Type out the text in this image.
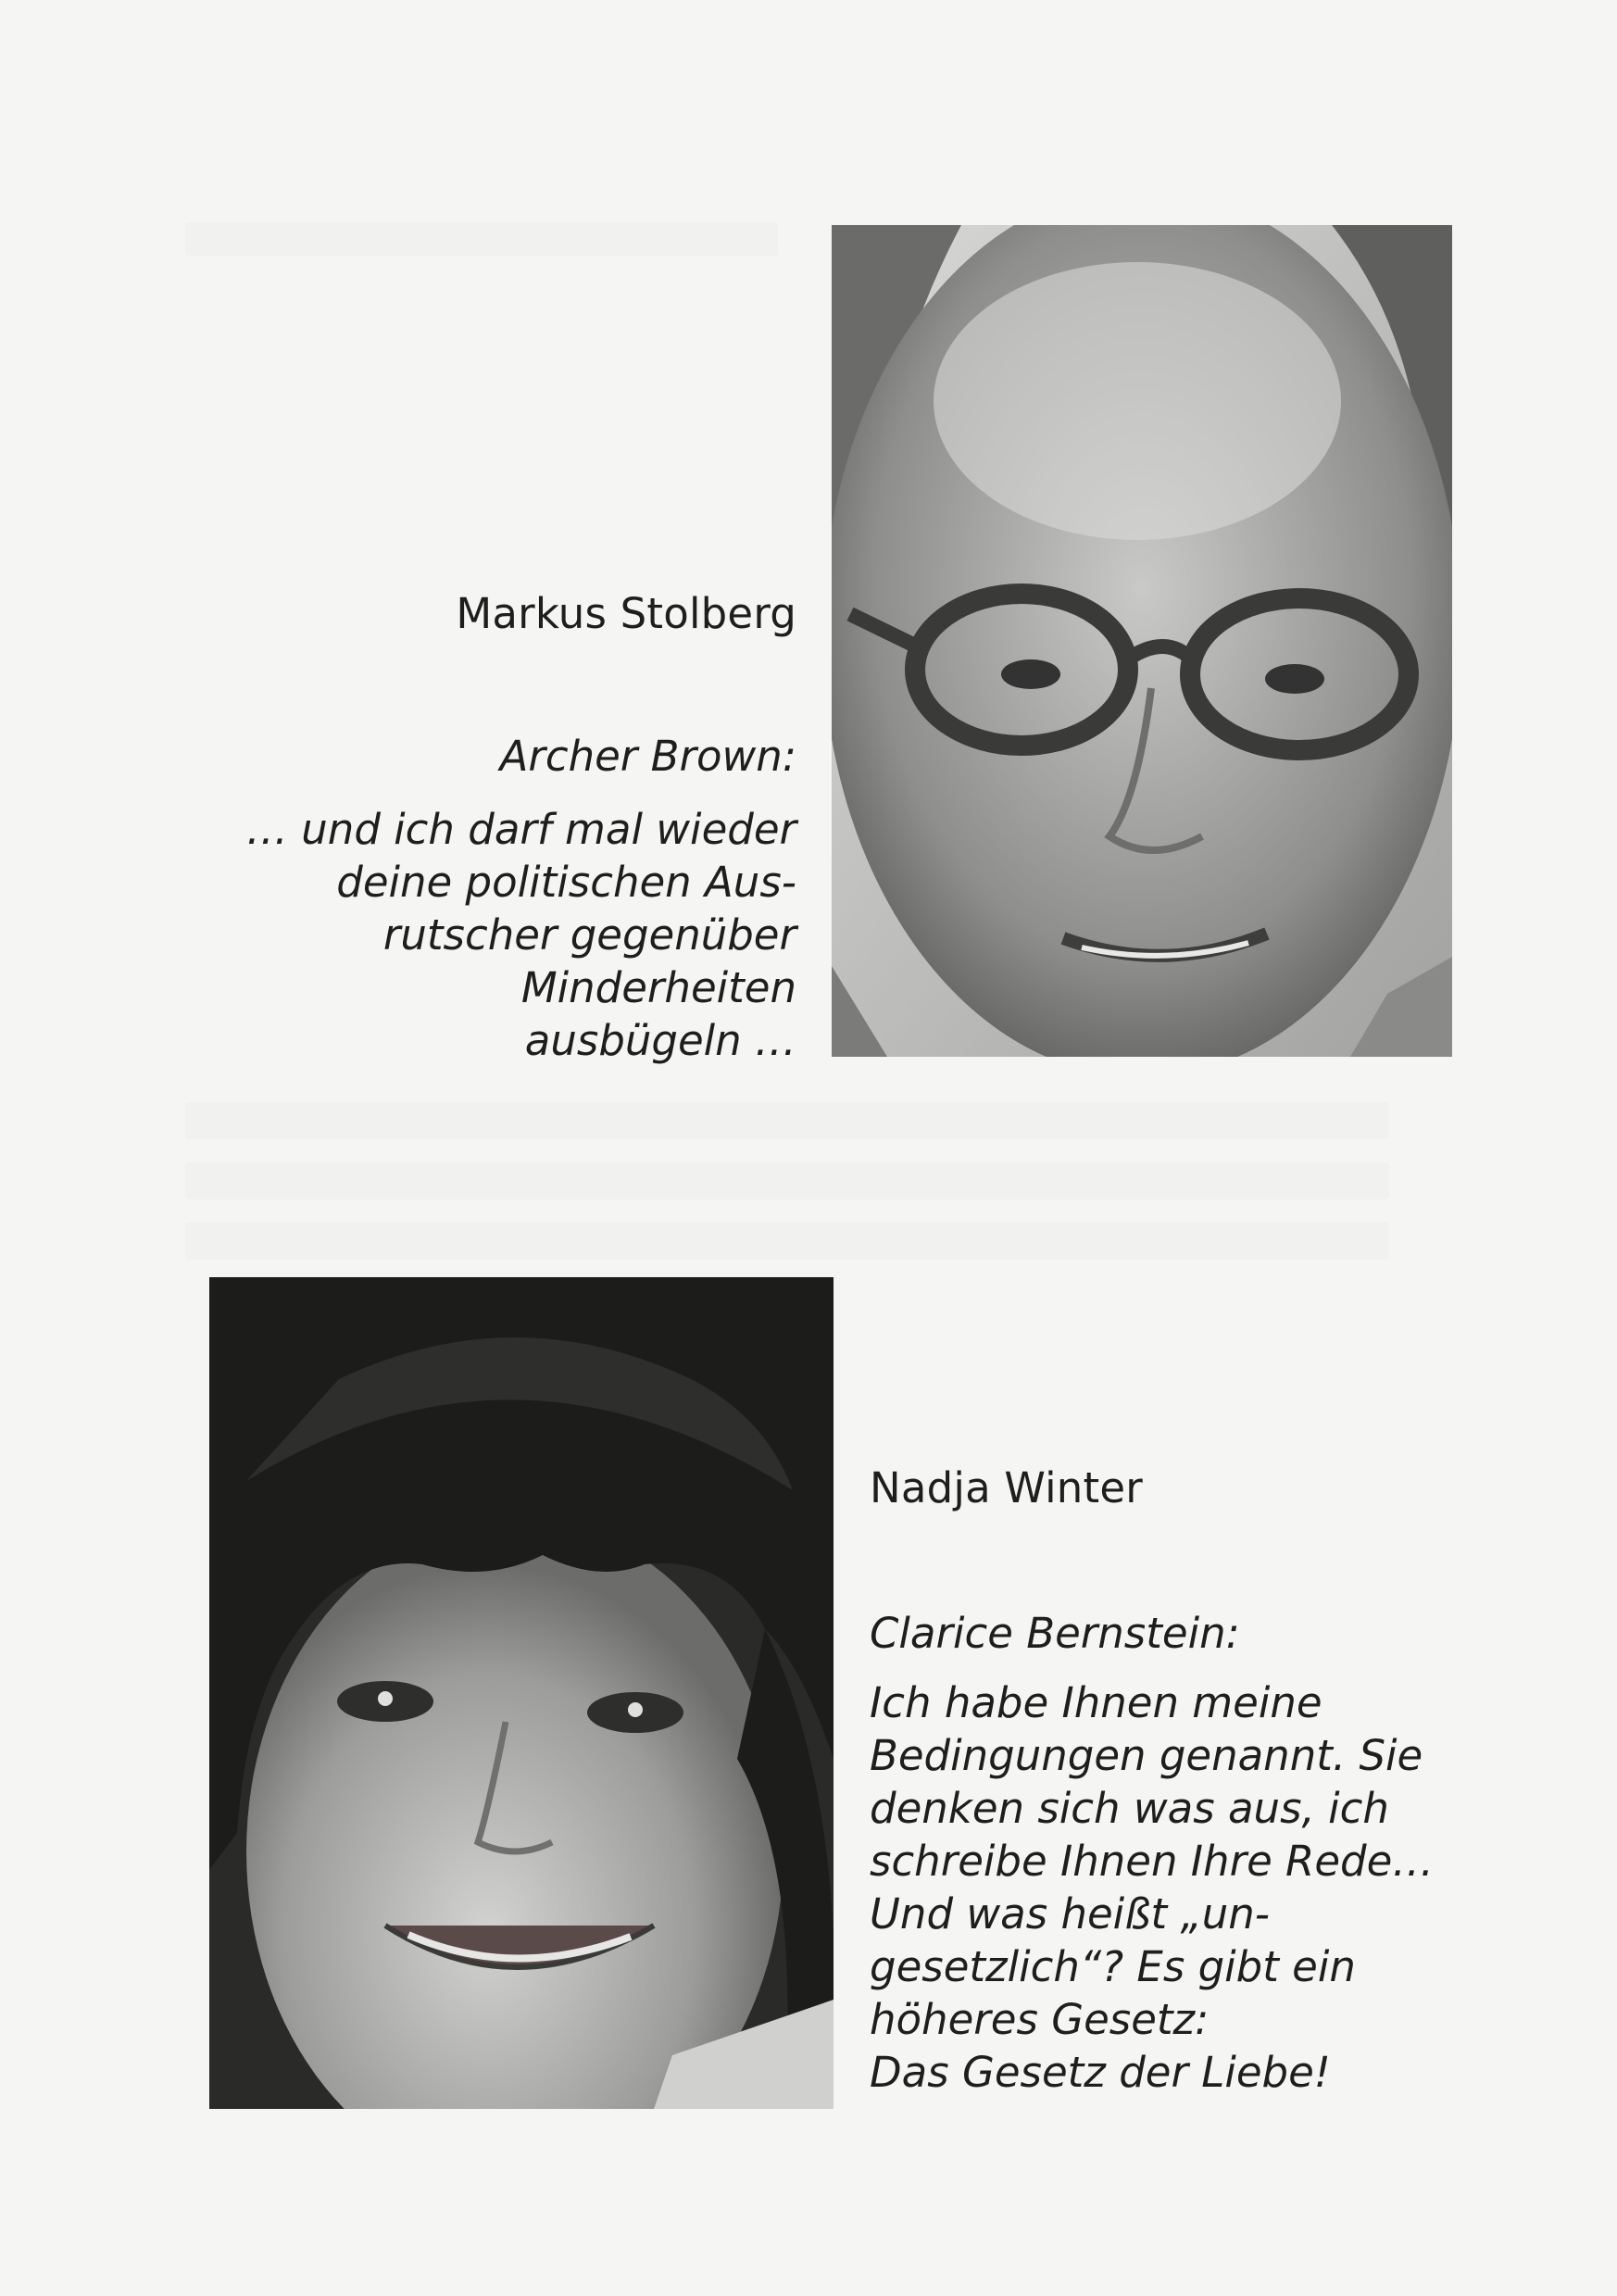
Markus Stolberg
Archer Brown:
… und ich darf mal wieder
deine politischen Aus-
rutscher gegenüber
Minderheiten
ausbügeln …
Nadja Winter
Clarice Bernstein:
Ich habe Ihnen meine
Bedingungen genannt. Sie
denken sich was aus, ich
schreibe Ihnen Ihre Rede…
Und was heißt „un-
gesetzlich“? Es gibt ein
höheres Gesetz:
Das Gesetz der Liebe!
